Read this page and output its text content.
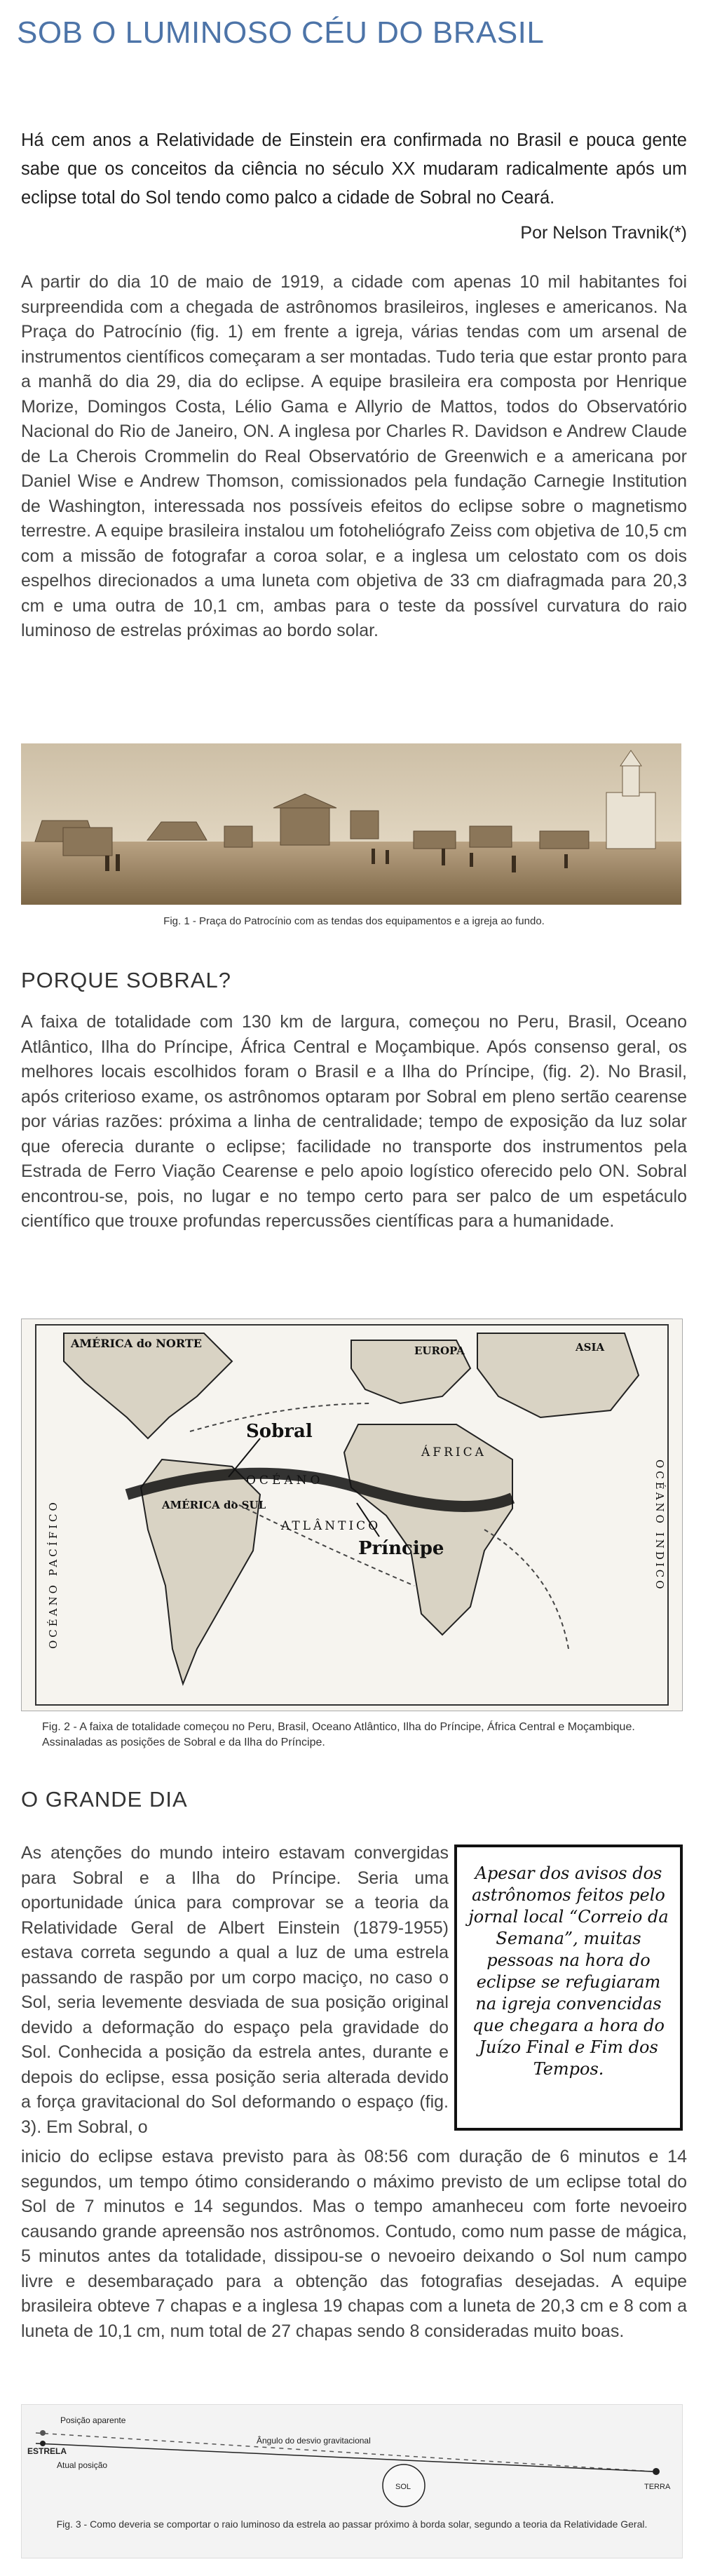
SOB O LUMINOSO CÉU DO BRASIL
Há cem anos a Relatividade de Einstein era confirmada no Brasil e pouca gente sabe que os conceitos da ciência no século XX mudaram radicalmente após um eclipse total do Sol tendo como palco a cidade de Sobral no Ceará.
Por Nelson Travnik(*)
A partir do dia 10 de maio de 1919, a cidade com apenas 10 mil habitantes foi surpreendida com a chegada de astrônomos brasileiros, ingleses e americanos. Na Praça do Patrocínio (fig. 1) em frente a igreja, várias tendas com um arsenal de instrumentos científicos começaram a ser montadas. Tudo teria que estar pronto para a manhã do dia 29, dia do eclipse. A equipe brasileira era composta por Henrique Morize, Domingos Costa, Lélio Gama e Allyrio de Mattos, todos do Observatório Nacional do Rio de Janeiro, ON. A inglesa por Charles R. Davidson e Andrew Claude de La Cherois Crommelin do Real Observatório de Greenwich e a americana por Daniel Wise e Andrew Thomson, comissionados pela fundação Carnegie Institution de Washington, interessada nos possíveis efeitos do eclipse sobre o magnetismo terrestre. A equipe brasileira instalou um fotoheliógrafo Zeiss com objetiva de 10,5 cm com a missão de fotografar a coroa solar, e a inglesa um celostato com os dois espelhos direcionados a uma luneta com objetiva de 33 cm diafragmada para 20,3 cm e uma outra de 10,1 cm, ambas para o teste da possível curvatura do raio luminoso de estrelas próximas ao bordo solar.
Fig. 1 - Praça do Patrocínio com as tendas dos equipamentos e a igreja ao fundo.
PORQUE SOBRAL?
A faixa de totalidade com 130 km de largura, começou no Peru, Brasil, Oceano Atlântico, Ilha do Príncipe, África Central e Moçambique. Após consenso geral, os melhores locais escolhidos foram o Brasil e a Ilha do Príncipe, (fig. 2). No Brasil, após criterioso exame, os astrônomos optaram por Sobral em pleno sertão cearense por várias razões: próxima a linha de centralidade; tempo de exposição da luz solar que oferecia durante o eclipse; facilidade no transporte dos instrumentos pela Estrada de Ferro Viação Cearense e pelo apoio logístico oferecido pelo ON. Sobral encontrou-se, pois, no lugar e no tempo certo para ser palco de um espetáculo científico que trouxe profundas repercussões científicas para a humanidade.
AMÉRICA do NORTE
EUROPA	ASIA
OCÉANO
ÁFRICA
AMÉRICA do SUL
ATLÂNTICO
Sobral
Príncipe
OCÉANO PACÍFICO	OCÉANO INDICO
Fig. 2 - A faixa de totalidade começou no Peru, Brasil, Oceano Atlântico, Ilha do Príncipe, África Central e Moçambique. Assinaladas as posições de Sobral e da Ilha do Príncipe.
O GRANDE DIA
As atenções do mundo inteiro estavam convergidas para Sobral e a Ilha do Príncipe. Seria uma oportunidade única para comprovar se a teoria da Relatividade Geral de Albert Einstein (1879-1955) estava correta segundo a qual a luz de uma estrela passando de raspão por um corpo maciço, no caso o Sol, seria levemente desviada de sua posição original devido a deformação do espaço pela gravidade do Sol. Conhecida a posição da estrela antes, durante e depois do eclipse, essa posição seria alterada devido a força gravitacional do Sol deformando o espaço (fig. 3). Em Sobral, o
Apesar dos avisos dos astrônomos feitos pelo jornal local “Correio da Semana”, muitas pessoas na hora do eclipse se refugiaram na igreja convencidas que chegara a hora do Juízo Final e Fim dos Tempos.
inicio do eclipse estava previsto para às 08:56 com duração de 6 minutos e 14 segundos, um tempo ótimo considerando o máximo previsto de um eclipse total do Sol de 7 minutos e 14 segundos. Mas o tempo amanheceu com forte nevoeiro causando grande apreensão nos astrônomos. Contudo, como num passe de mágica, 5 minutos antes da totalidade, dissipou-se o nevoeiro deixando o Sol num campo livre e desembaraçado para a obtenção das fotografias desejadas. A equipe brasileira obteve 7 chapas e a inglesa 19 chapas com a luneta de 20,3 cm e 8 com a luneta de 10,1 cm, num total de 27 chapas sendo 8 consideradas muito boas.
Posição aparente
ESTRELA
Ângulo do desvio gravitacional
Atual posição
SOL	TERRA
Fig. 3 - Como deveria se comportar o raio luminoso da estrela ao passar próximo à borda solar, segundo a teoria da Relatividade Geral.
